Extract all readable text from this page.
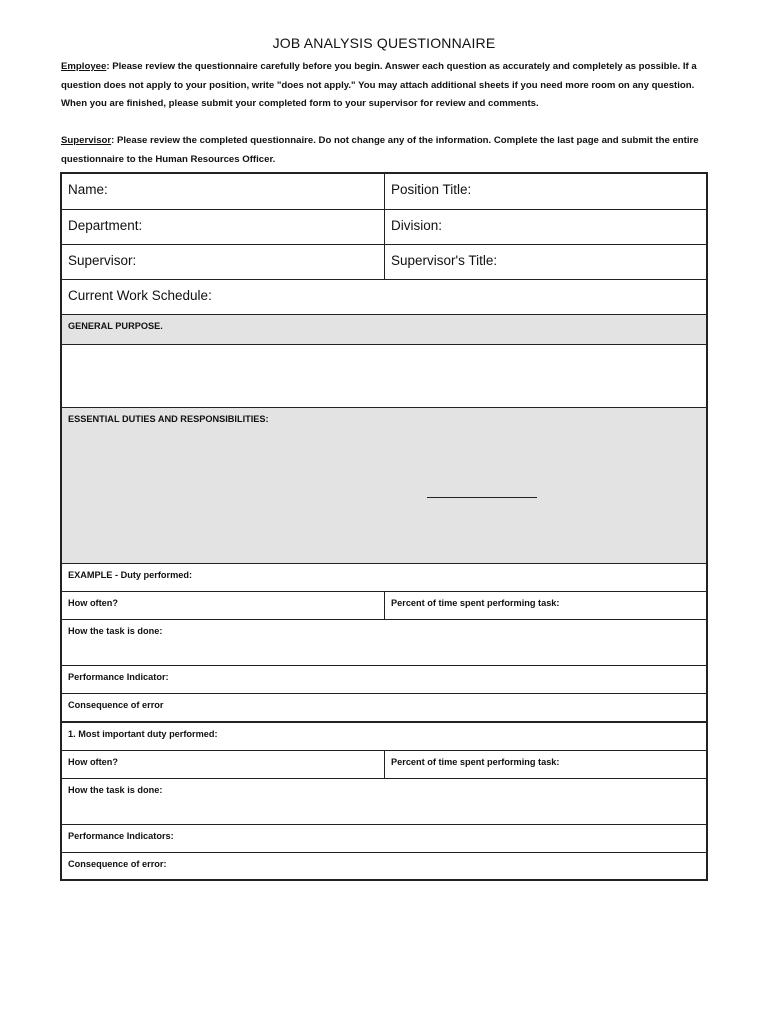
JOB ANALYSIS QUESTIONNAIRE
Employee: Please review the questionnaire carefully before you begin. Answer each question as accurately and completely as possible. If a question does not apply to your position, write "does not apply." You may attach additional sheets if you need more room on any question. When you are finished, please submit your completed form to your supervisor for review and comments.
Supervisor: Please review the completed questionnaire. Do not change any of the information. Complete the last page and submit the entire questionnaire to the Human Resources Officer.
Name:	Position Title:
Department:	Division:
Supervisor:	Supervisor's Title:
Current Work Schedule:
GENERAL PURPOSE.
ESSENTIAL DUTIES AND RESPONSIBILITIES:
EXAMPLE - Duty performed:
How often?	Percent of time spent performing task:
How the task is done:
Performance Indicator:
Consequence of error
1. Most important duty performed:
How often?	Percent of time spent performing task:
How the task is done:
Performance Indicators:
Consequence of error:
